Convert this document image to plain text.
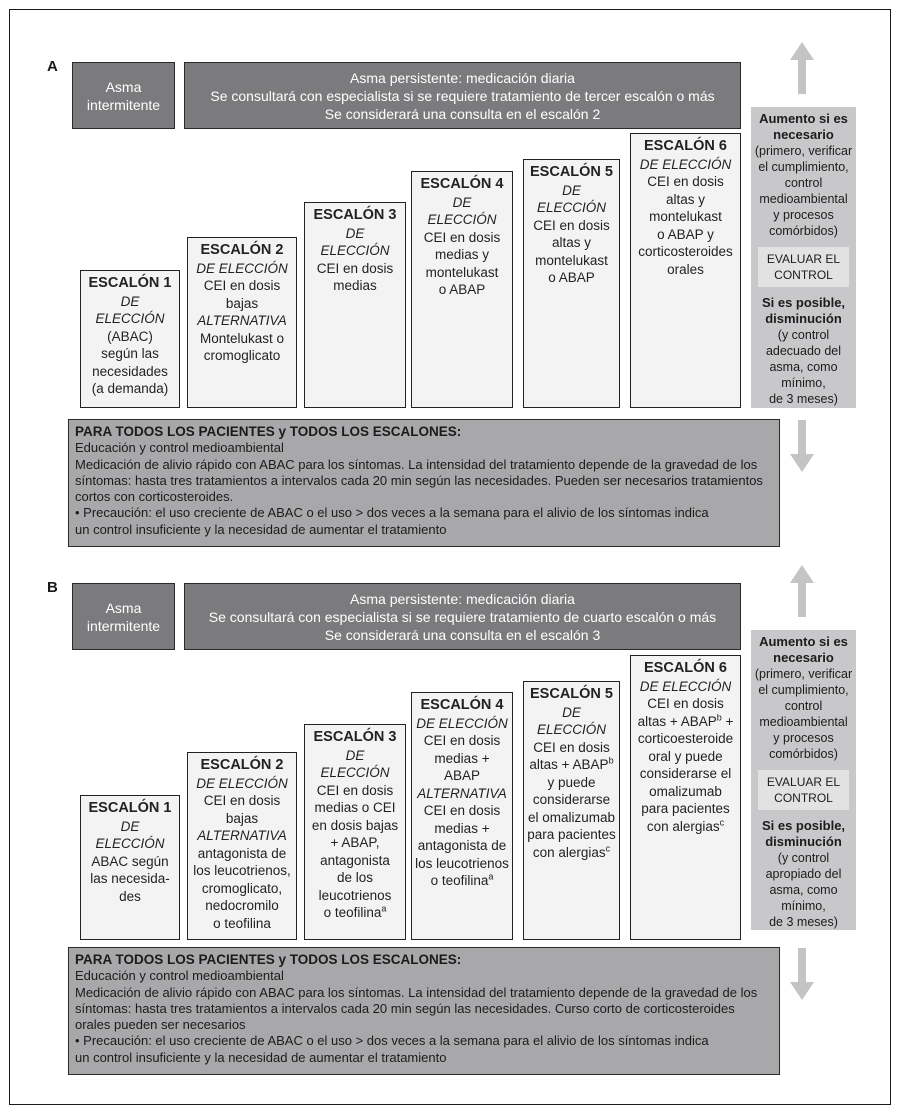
A
Asma
intermitente
Asma persistente: medicación diaria
Se consultará con especialista si se requiere tratamiento de tercer escalón o más
Se considerará una consulta en el escalón 2
ESCALÓN 1
DE
ELECCIÓN
(ABAC)
según las
necesidades
(a demanda)
ESCALÓN 2
DE ELECCIÓN
CEI en dosis
bajas
ALTERNATIVA
Montelukast o
cromoglicato
ESCALÓN 3
DE
ELECCIÓN
CEI en dosis
medias
ESCALÓN 4
DE
ELECCIÓN
CEI en dosis
medias y
montelukast
o ABAP
ESCALÓN 5
DE
ELECCIÓN
CEI en dosis
altas y
montelukast
o ABAP
ESCALÓN 6
DE ELECCIÓN
CEI en dosis
altas y
montelukast
o ABAP y
corticosteroides
orales
Aumento si es
necesario
(primero, verificar
el cumplimiento,
control
medioambiental
y procesos
comórbidos)
EVALUAR EL
CONTROL
Si es posible,
disminución
(y control
adecuado del
asma, como
mínimo,
de 3 meses)
PARA TODOS LOS PACIENTES y TODOS LOS ESCALONES:
Educación y control medioambiental
Medicación de alivio rápido con ABAC para los síntomas. La intensidad del tratamiento depende de la gravedad de los
síntomas: hasta tres tratamientos a intervalos cada 20 min según las necesidades. Pueden ser necesarios tratamientos
cortos con corticosteroides.
• Precaución: el uso creciente de ABAC o el uso > dos veces a la semana para el alivio de los síntomas indica
un control insuficiente y la necesidad de aumentar el tratamiento
B
Asma
intermitente
Asma persistente: medicación diaria
Se consultará con especialista si se requiere tratamiento de cuarto escalón o más
Se considerará una consulta en el escalón 3
ESCALÓN 1
DE
ELECCIÓN
ABAC según
las necesida-
des
ESCALÓN 2
DE ELECCIÓN
CEI en dosis
bajas
ALTERNATIVA
antagonista de
los leucotrienos,
cromoglicato,
nedocromilo
o teofilina
ESCALÓN 3
DE
ELECCIÓN
CEI en dosis
medias o CEI
en dosis bajas
+ ABAP,
antagonista
de los
leucotrienos
o teofilina$^a$
ESCALÓN 4
DE ELECCIÓN
CEI en dosis
medias +
ABAP
ALTERNATIVA
CEI en dosis
medias +
antagonista de
los leucotrienos
o teofilina$^a$
ESCALÓN 5
DE
ELECCIÓN
CEI en dosis
altas + $ABAP^b$
y puede
considerarse
el omalizumab
para pacientes
con alergias$^c$
ESCALÓN 6
DE ELECCIÓN
CEI en dosis
altas + $ABAP^b$ +
corticoesteroide
oral y puede
considerarse el
omalizumab
para pacientes
con alergias$^c$
Aumento si es
necesario
(primero, verificar
el cumplimiento,
control
medioambiental
y procesos
comórbidos)
EVALUAR EL
CONTROL
Si es posible,
disminución
(y control
apropiado del
asma, como
mínimo,
de 3 meses)
PARA TODOS LOS PACIENTES y TODOS LOS ESCALONES:
Educación y control medioambiental
Medicación de alivio rápido con ABAC para los síntomas. La intensidad del tratamiento depende de la gravedad de los
síntomas: hasta tres tratamientos a intervalos cada 20 min según las necesidades. Curso corto de corticosteroides
orales pueden ser necesarios
• Precaución: el uso creciente de ABAC o el uso > dos veces a la semana para el alivio de los síntomas indica
un control insuficiente y la necesidad de aumentar el tratamiento
